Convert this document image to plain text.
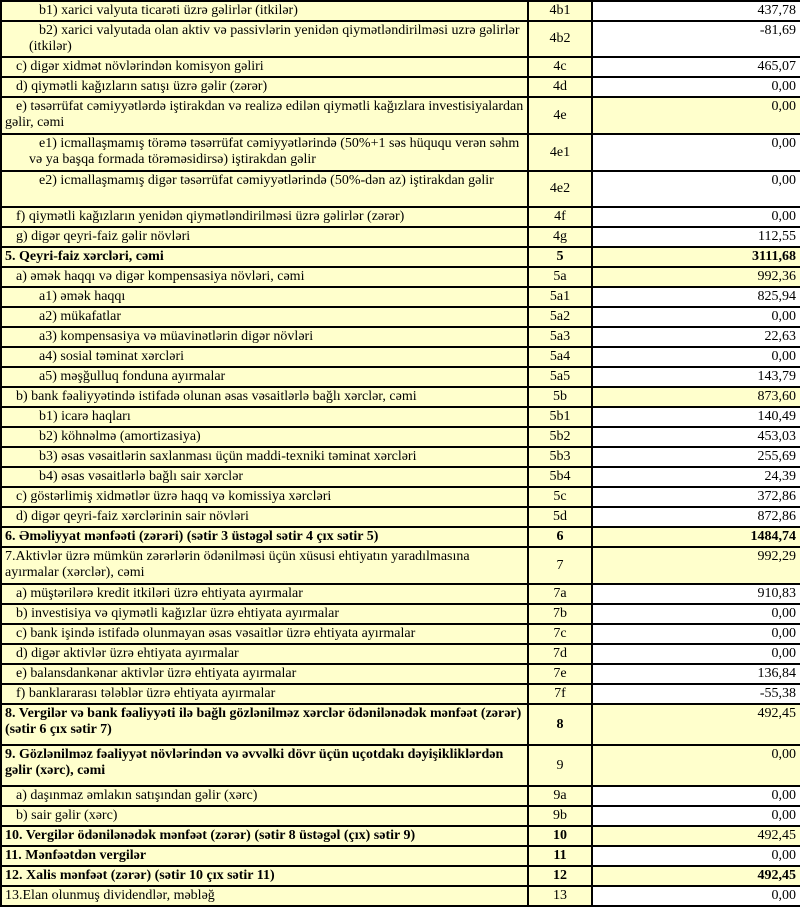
b1) xarici valyuta ticarəti üzrə gəlirlər (itkilər)	4b1	437,78
b2) xarici valyutada olan aktiv və passivlərin yenidən qiymətləndirilməsi uzrə gəlirlər (itkilər)	4b2	-81,69
c) digər xidmət növlərindən komisyon gəliri	4c	465,07
d) qiymətli kağızların satışı üzrə gəlir (zərər)	4d	0,00
e) təsərrüfat cəmiyyətlərdə iştirakdan və realizə edilən qiymətli kağızlara investisiyalardan gəlir, cəmi	4e	0,00
e1) icmallaşmamış törəmə təsərrüfat cəmiyyətlərində (50%+1 səs hüququ verən səhm və ya başqa formada törəməsidirsə) iştirakdan gəlir	4e1	0,00
e2) icmallaşmamış digər təsərrüfat cəmiyyətlərində (50%-dən az) iştirakdan gəlir	4e2	0,00
f) qiymətli kağızların yenidən qiymətləndirilməsi üzrə gəlirlər (zərər)	4f	0,00
g) digər qeyri-faiz gəlir növləri	4g	112,55
5. Qeyri-faiz xərcləri, cəmi	5	3111,68
a) əmək haqqı və digər kompensasiya növləri, cəmi	5a	992,36
a1) əmək haqqı	5a1	825,94
a2) mükafatlar	5a2	0,00
a3) kompensasiya və müavinətlərin digər növləri	5a3	22,63
a4) sosial təminat xərcləri	5a4	0,00
a5) məşğulluq fonduna ayırmalar	5a5	143,79
b) bank fəaliyyətində istifadə olunan əsas vəsaitlərlə bağlı xərclər, cəmi	5b	873,60
b1) icarə haqları	5b1	140,49
b2) köhnəlmə (amortizasiya)	5b2	453,03
b3) əsas vəsaitlərin saxlanması üçün maddi-texniki təminat xərcləri	5b3	255,69
b4) əsas vəsaitlərlə bağlı sair xərclər	5b4	24,39
c) göstərlimiş xidmətlər üzrə haqq və komissiya xərcləri	5c	372,86
d) digər qeyri-faiz xərclərinin sair növləri	5d	872,86
6. Əməliyyat mənfəəti (zərəri) (sətir 3 üstəgəl sətir 4 çıx sətir 5)	6	1484,74
7.Aktivlər üzrə mümkün zərərlərin ödənilməsi üçün xüsusi ehtiyatın yaradılmasına ayırmalar (xərclər), cəmi	7	992,29
a) müştərilərə kredit itkiləri üzrə ehtiyata ayırmalar	7a	910,83
b) investisiya və qiymətli kağızlar üzrə ehtiyata ayırmalar	7b	0,00
c) bank işində istifadə olunmayan əsas vəsaitlər üzrə ehtiyata ayırmalar	7c	0,00
d) digər aktivlər üzrə ehtiyata ayırmalar	7d	0,00
e) balansdankənar aktivlər üzrə ehtiyata ayırmalar	7e	136,84
f) banklararası tələblər üzrə ehtiyata ayırmalar	7f	-55,38
8. Vergilər və bank fəaliyyəti ilə bağlı gözlənilməz xərclər ödənilənədək mənfəət (zərər) (sətir 6 çıx sətir 7)	8	492,45
9. Gözlənilməz fəaliyyət növlərindən və əvvəlki dövr üçün uçotdakı dəyişikliklərdən gəlir (xərc), cəmi	9	0,00
a) daşınmaz əmlakın satışından gəlir (xərc)	9a	0,00
b) sair gəlir (xərc)	9b	0,00
10. Vergilər ödənilənədək mənfəət (zərər) (sətir 8 üstəgəl (çıx) sətir 9)	10	492,45
11. Mənfəətdən vergilər	11	0,00
12. Xalis mənfəət (zərər) (sətir 10 çıx sətir 11)	12	492,45
13.Elan olunmuş dividendlər, məbləğ	13	0,00
